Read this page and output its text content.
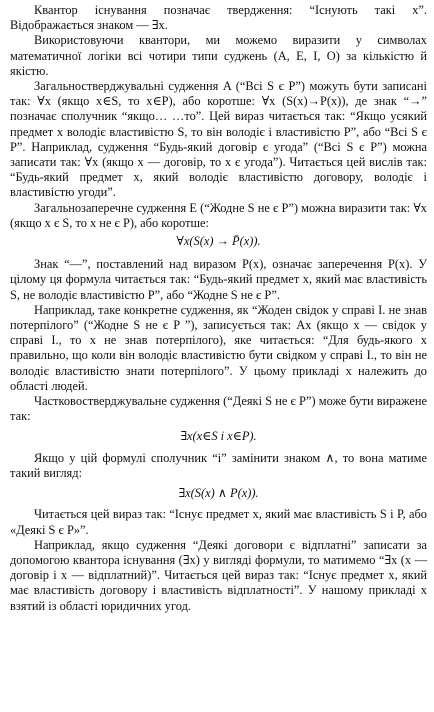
Квантор існування позначає твердження: “Існують такі x”. Відображається знаком — ∃x.

Використовуючи квантори, ми можемо виразити у символах математичної логіки всі чотири типи суджень (A, E, I, O) за кількістю й якістю.

Загальностверджувальні судження A (“Всі S є P”) можуть бути записані так: ∀x (якщо x∈S, то x∈P), або коротше: ∀x (S(x)→P(x)), де знак “→” позначає сполучник “якщо… …то”. Цей вираз читається так: “Якщо усякий предмет x володіє властивістю S, то він володіє і властивістю P”, або “Всі S є P”. Наприклад, судження “Будь-який договір є угода” (“Всі S є P”) можна записати так: ∀x (якщо x — договір, то x є угода”). Читається цей вислів так: “Будь-який предмет x, який володіє властивістю договору, володіє і властивістю угоди”.

Загальнозаперечне судження E (“Жодне S не є P”) можна виразити так: ∀x (якщо x є S, то x не є P), або коротше:

∀x(S(x) → P̄(x)).

Знак “—”, поставлений над виразом P(x), означає заперечення P(x). У цілому ця формула читається так: “Будь-який предмет x, який має властивість S, не володіє властивістю P”, або “Жодне S не є P”.

Наприклад, таке конкретне судження, як “Жоден свідок у справі І. не знав потерпілого” (“Жодне S не є P ”), записується так: Ax (якщо x — свідок у справі І., то x не знав потерпілого), яке читається: “Для будь-якого x правильно, що коли він володіє властивістю бути свідком у справі І., то він не володіє властивістю знати потерпілого”. У цьому прикладі x належить до області людей.

Частковостверджувальне судження (“Деякі S не є P”) може бути виражене так:

∃x(x∈S і x∈P).

Якщо у цій формулі сполучник “і” замінити знаком ∧, то вона матиме такий вигляд:

∃x(S(x) ∧ P(x)).

Читається цей вираз так: “Існує предмет x, який має властивість S і P, або «Деякі S є P»”.

Наприклад, якщо судження “Деякі договори є відплатні” записати за допомогою квантора існування (∃x) у вигляді формули, то матимемо “∃x (x — договір і x — відплатний)”. Читається цей вираз так: “Існує предмет x, який має властивість договору і властивість відплатності”. У нашому прикладі x взятий із області юридичних угод.
